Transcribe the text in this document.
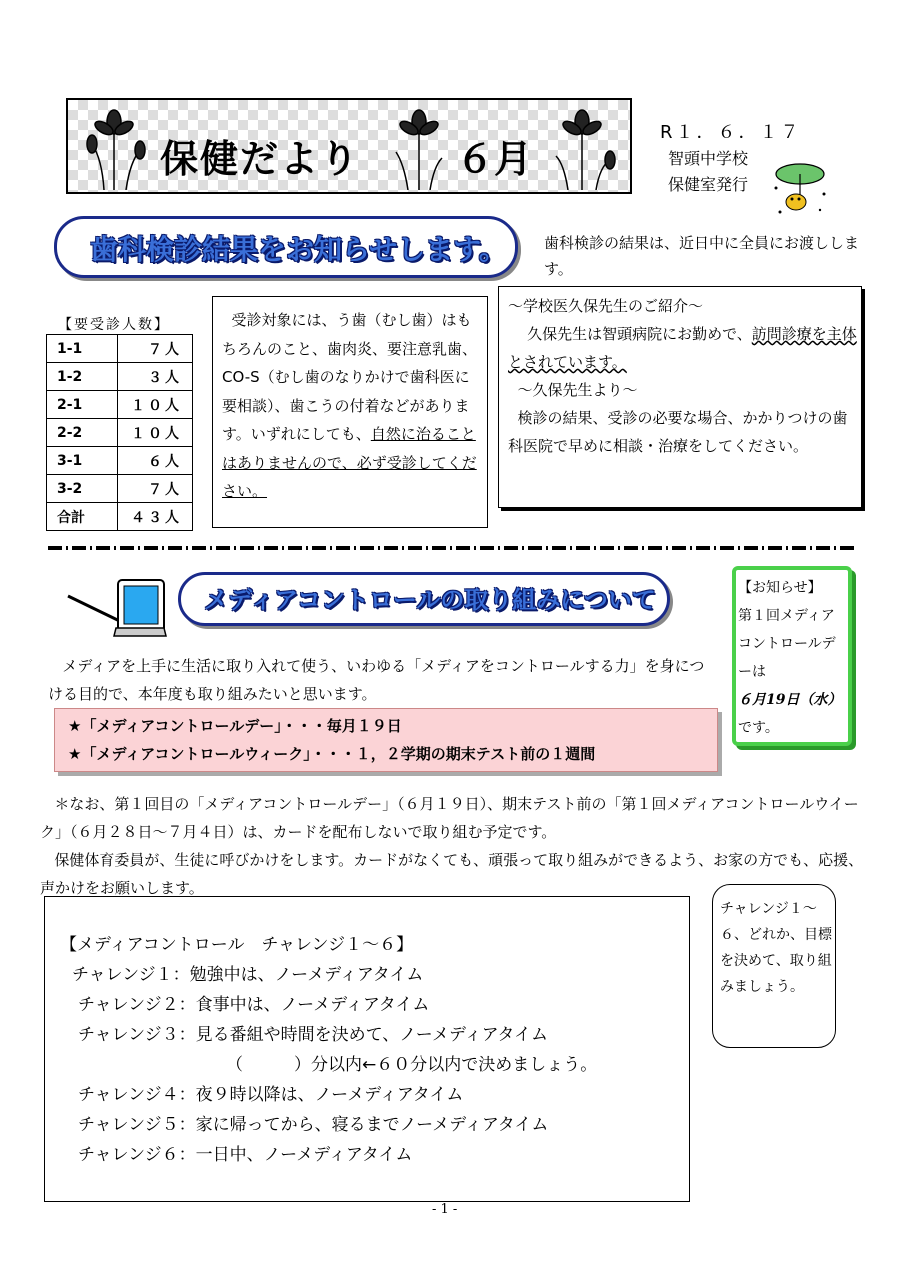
保健だより	６月
R１．６．１７
智頭中学校
保健室発行
歯科検診結果をお知らせします。 歯科検診の結果は、近日中に全員にお渡しします。
【要受診人数】
1-1	７人
1-2	３人
2-1	１０人
2-2	１０人
3-1	６人
3-2	７人
合計	４３人
受診対象には、う歯（むし歯）はもちろんのこと、歯肉炎、要注意乳歯、CO-S（むし歯のなりかけで歯科医に要相談）、歯こうの付着などがあります。いずれにしても、自然に治ることはありませんので、必ず受診してください。
～学校医久保先生のご紹介～
久保先生は智頭病院にお勤めで、訪問診療を主体とされています。
～久保先生より～
検診の結果、受診の必要な場合、かかりつけの歯科医院で早めに相談・治療をしてください。
メディアコントロールの取り組みについて	【お知らせ】
第１回メディアコントロールデーは
６月19日（水）
です。
メディアを上手に生活に取り入れて使う、いわゆる「メディアをコントロールする力」を身につける目的で、本年度も取り組みたいと思います。
★「メディアコントロールデー」・・・毎月１９日
★「メディアコントロールウィーク」・・・１，２学期の期末テスト前の１週間
＊なお、第１回目の「メディアコントロールデー」（６月１９日）、期末テスト前の「第１回メディアコントロールウイーク」（６月２８日～７月４日）は、カードを配布しないで取り組む予定です。
保健体育委員が、生徒に呼びかけをします。カードがなくても、頑張って取り組みができるよう、お家の方でも、応援、声かけをお願いします。
【メディアコントロール　チャレンジ１～６】
チャレンジ１：勉強中は、ノーメディアタイム
チャレンジ２：食事中は、ノーメディアタイム
チャレンジ３：見る番組や時間を決めて、ノーメディアタイム
（　　　）分以内←６０分以内で決めましょう。
チャレンジ４：夜９時以降は、ノーメディアタイム
チャレンジ５：家に帰ってから、寝るまでノーメディアタイム
チャレンジ６：一日中、ノーメディアタイム
チャレンジ１～６、どれか、目標を決めて、取り組みましょう。
- 1 -
